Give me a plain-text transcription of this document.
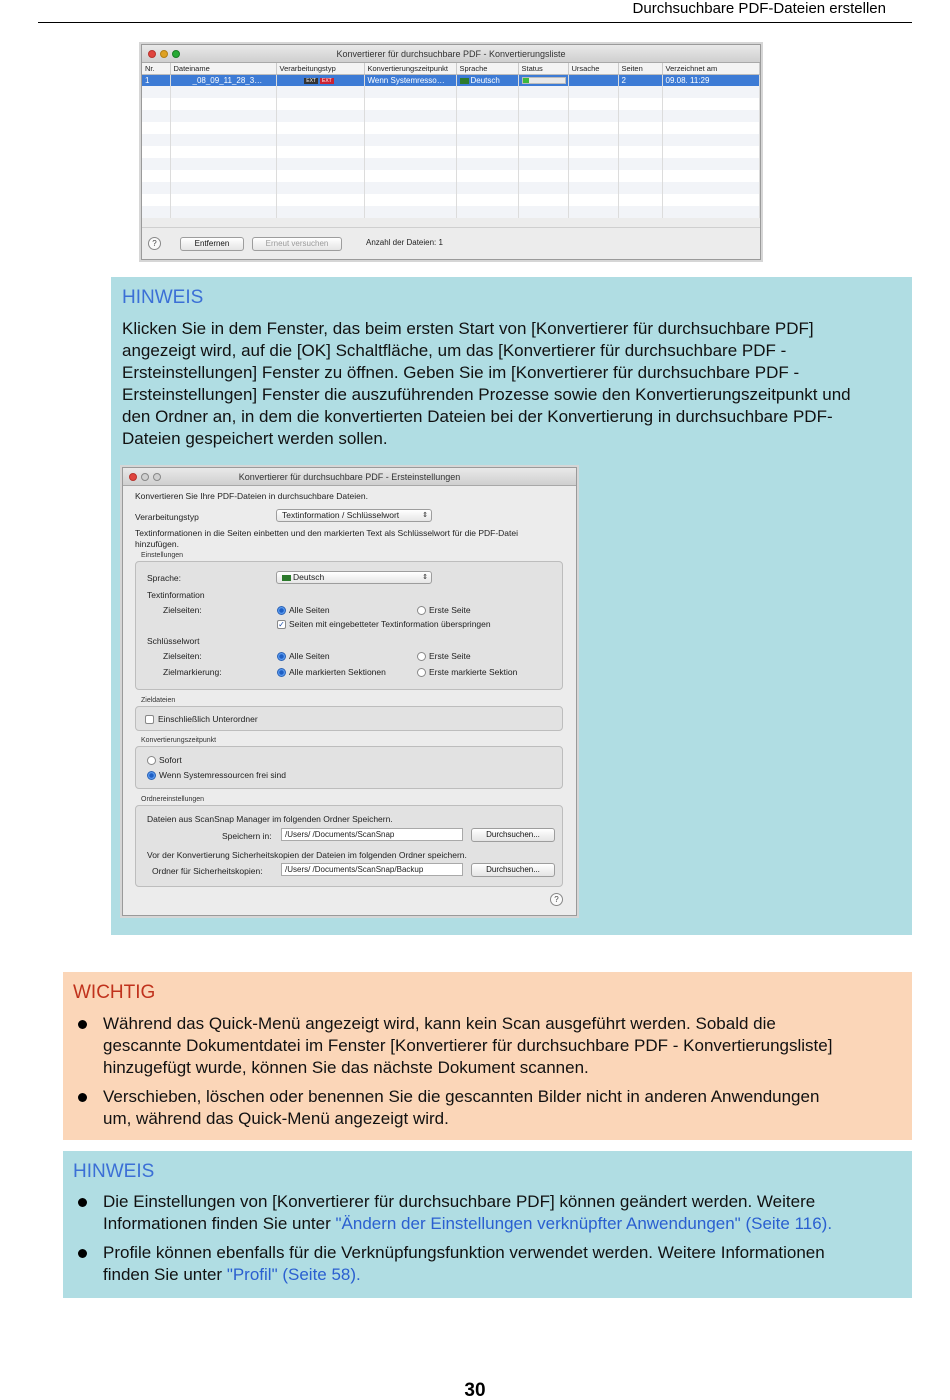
Durchsuchbare PDF-Dateien erstellen
Konvertierer für durchsuchbare PDF - Konvertierungsliste
Nr.	Dateiname	Verarbeitungstyp	Konvertierungszeitpunkt	Sprache	Status	Ursache	Seiten	Verzeichnet am
1	_08_09_11_28_3…	EXT EXT	Wenn Systemresso…	Deutsch			2	09.08. 11:29

?	Entfernen	Erneut versuchen	Anzahl der Dateien: 1
HINWEIS
Klicken Sie in dem Fenster, das beim ersten Start von [Konvertierer für durchsuchbare PDF]
angezeigt wird, auf die [OK] Schaltfläche, um das [Konvertierer für durchsuchbare PDF -
Ersteinstellungen] Fenster zu öffnen. Geben Sie im [Konvertierer für durchsuchbare PDF -
Ersteinstellungen] Fenster die auszuführenden Prozesse sowie den Konvertierungszeitpunkt und
den Ordner an, in dem die konvertierten Dateien bei der Konvertierung in durchsuchbare PDF-
Dateien gespeichert werden sollen.
Konvertierer für durchsuchbare PDF - Ersteinstellungen
Konvertieren Sie Ihre PDF-Dateien in durchsuchbare Dateien.
Verarbeitungstyp	Textinformation / Schlüsselwort	⇕
Textinformationen in die Seiten einbetten und den markierten Text als Schlüsselwort für die PDF-Datei hinzufügen.
Einstellungen
Sprache:	Deutsch	⇕
Textinformation
Zielseiten:	Alle Seiten	Erste Seite
✓ Seiten mit eingebetteter Textinformation überspringen
Schlüsselwort
Zielseiten:	Alle Seiten	Erste Seite
Zielmarkierung:	Alle markierten Sektionen	Erste markierte Sektion
Zieldateien
Einschließlich Unterordner
Konvertierungszeitpunkt
Sofort
Wenn Systemressourcen frei sind
Ordnereinstellungen
Dateien aus ScanSnap Manager im folgenden Ordner Speichern.
Speichern in:	/Users/ /Documents/ScanSnap	Durchsuchen...
Vor der Konvertierung Sicherheitskopien der Dateien im folgenden Ordner speichern.
Ordner für Sicherheitskopien:	/Users/ /Documents/ScanSnap/Backup	Durchsuchen...
?
WICHTIG
Während das Quick-Menü angezeigt wird, kann kein Scan ausgeführt werden. Sobald die
gescannte Dokumentdatei im Fenster [Konvertierer für durchsuchbare PDF - Konvertierungsliste]
hinzugefügt wurde, können Sie das nächste Dokument scannen.
Verschieben, löschen oder benennen Sie die gescannten Bilder nicht in anderen Anwendungen
um, während das Quick-Menü angezeigt wird.
HINWEIS
Die Einstellungen von [Konvertierer für durchsuchbare PDF] können geändert werden. Weitere
Informationen finden Sie unter "Ändern der Einstellungen verknüpfter Anwendungen" (Seite 116).
Profile können ebenfalls für die Verknüpfungsfunktion verwendet werden. Weitere Informationen
finden Sie unter "Profil" (Seite 58).
30
